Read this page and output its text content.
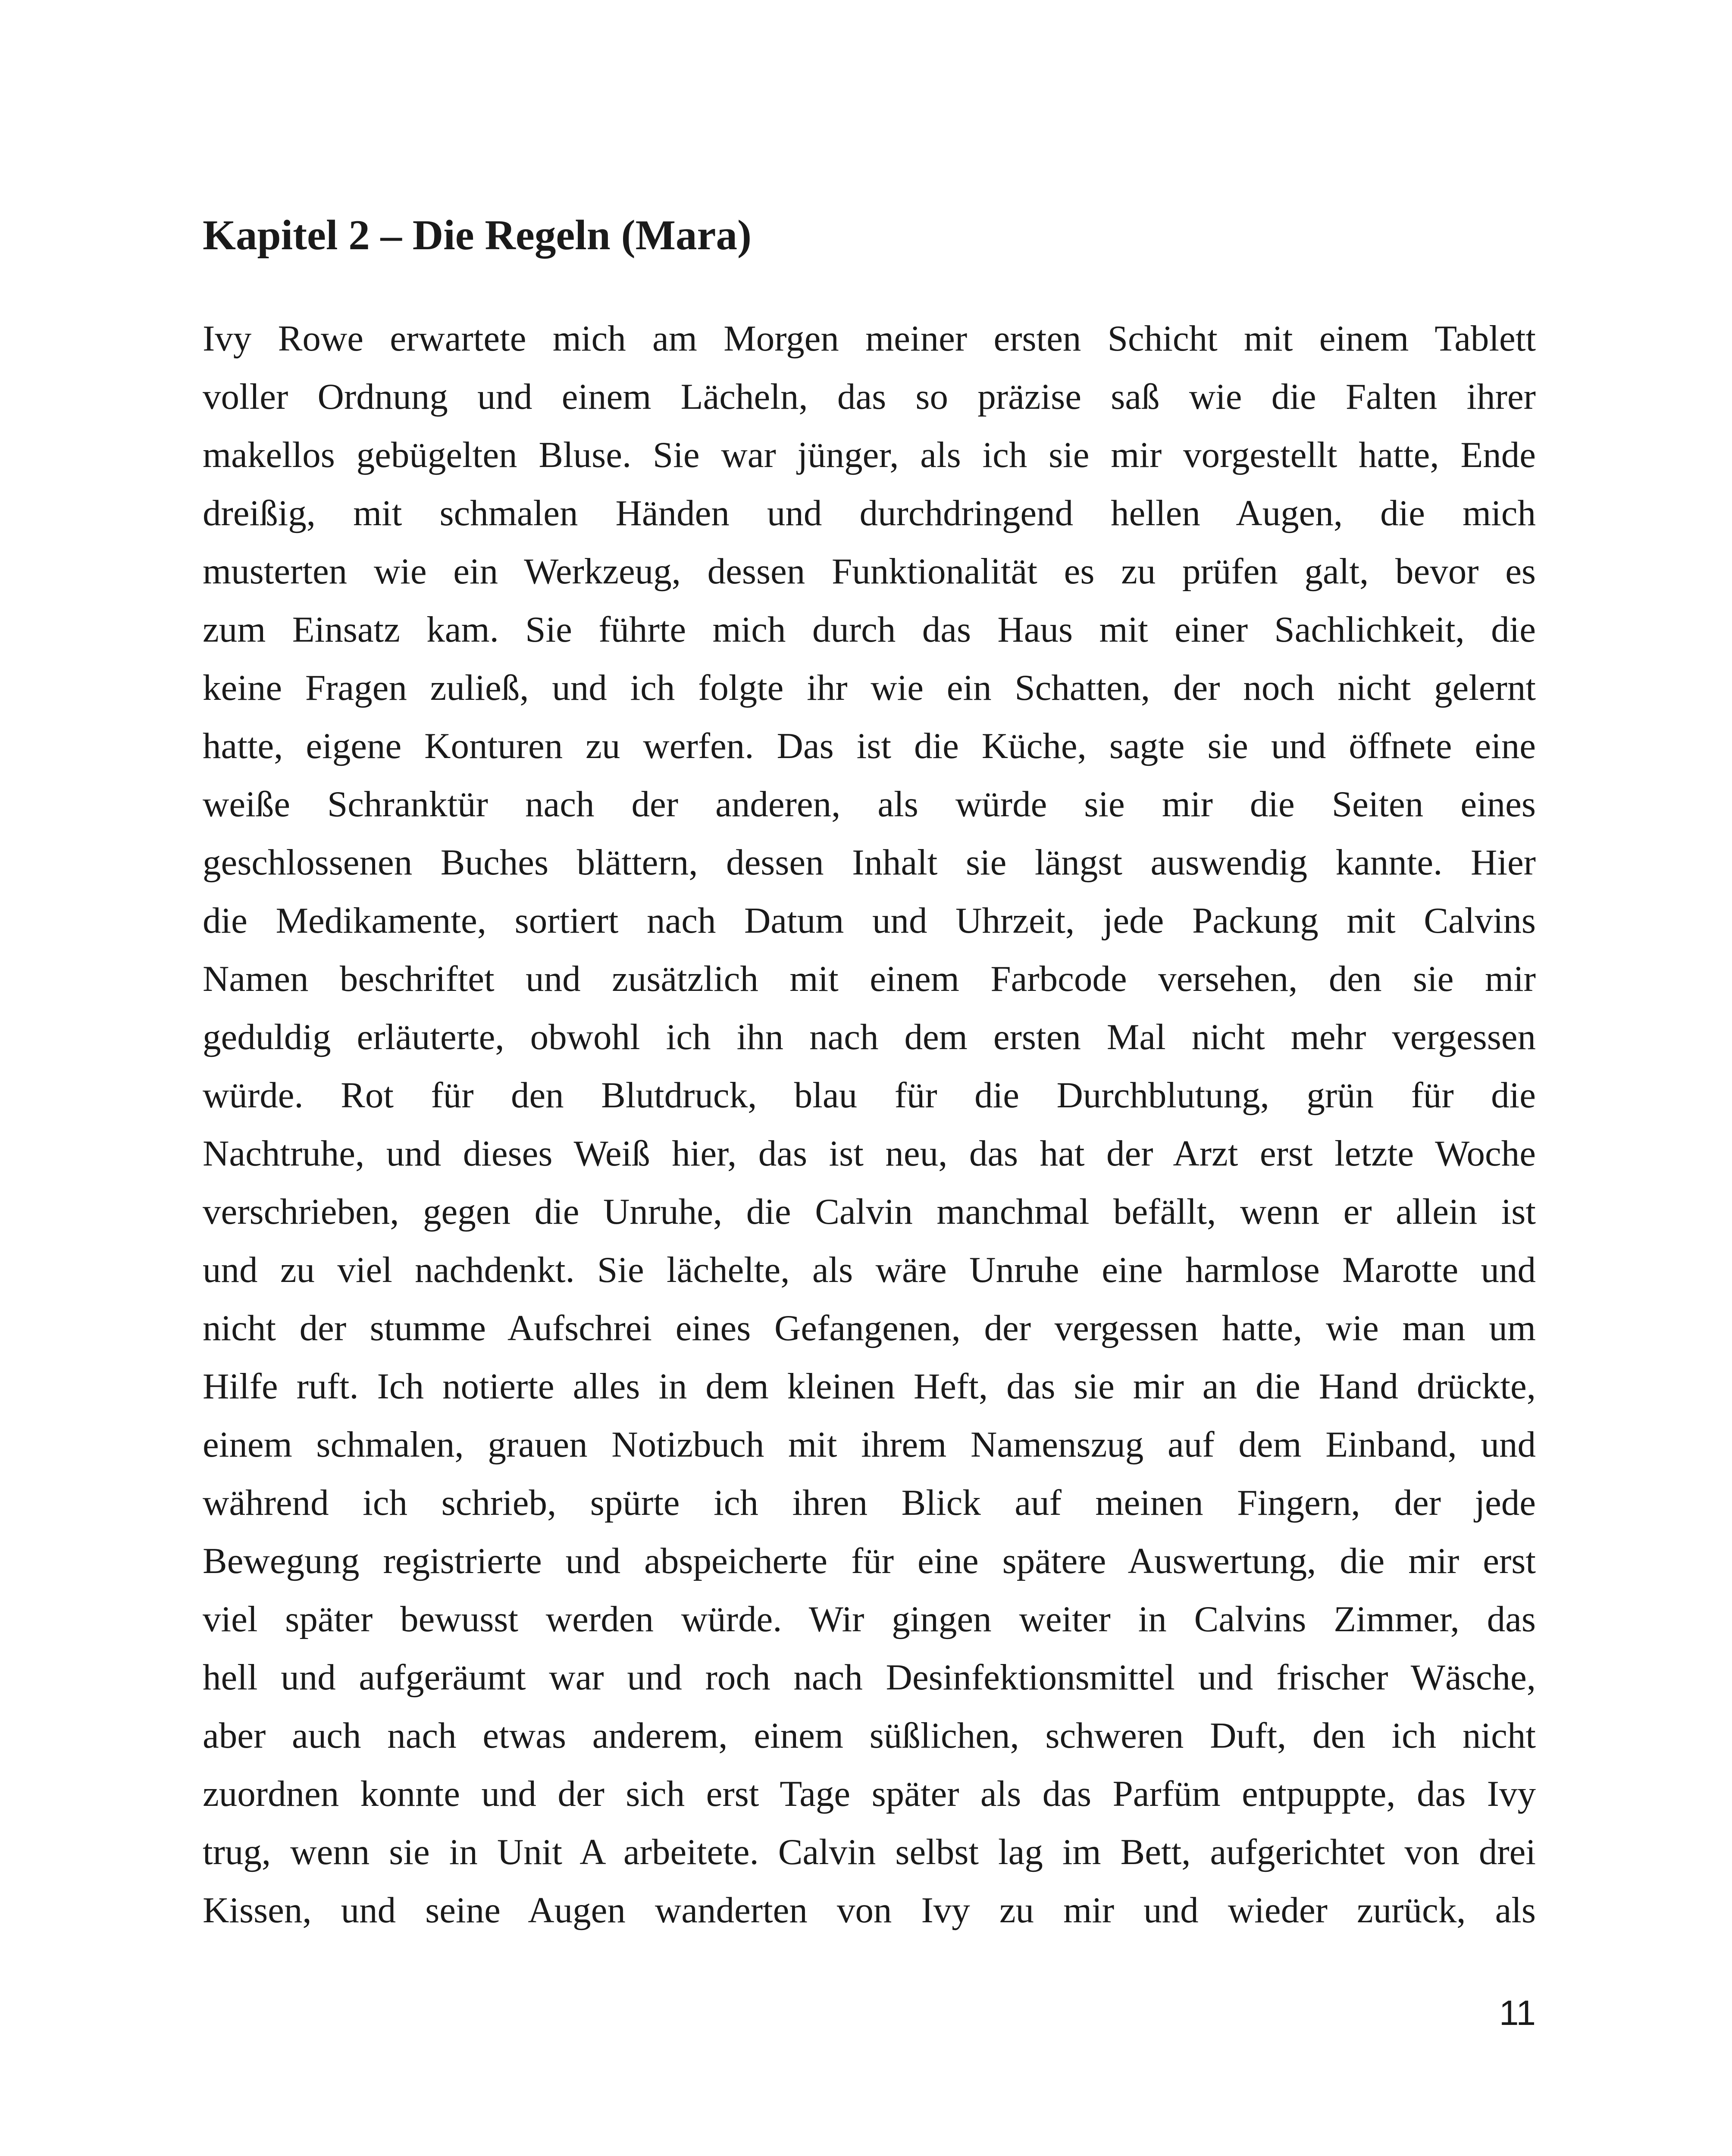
Kapitel 2 – Die Regeln (Mara)
Ivy Rowe erwartete mich am Morgen meiner ersten Schicht mit einem Tablett
voller Ordnung und einem Lächeln, das so präzise saß wie die Falten ihrer
makellos gebügelten Bluse. Sie war jünger, als ich sie mir vorgestellt hatte, Ende
dreißig, mit schmalen Händen und durchdringend hellen Augen, die mich
musterten wie ein Werkzeug, dessen Funktionalität es zu prüfen galt, bevor es
zum Einsatz kam. Sie führte mich durch das Haus mit einer Sachlichkeit, die
keine Fragen zuließ, und ich folgte ihr wie ein Schatten, der noch nicht gelernt
hatte, eigene Konturen zu werfen. Das ist die Küche, sagte sie und öffnete eine
weiße Schranktür nach der anderen, als würde sie mir die Seiten eines
geschlossenen Buches blättern, dessen Inhalt sie längst auswendig kannte. Hier
die Medikamente, sortiert nach Datum und Uhrzeit, jede Packung mit Calvins
Namen beschriftet und zusätzlich mit einem Farbcode versehen, den sie mir
geduldig erläuterte, obwohl ich ihn nach dem ersten Mal nicht mehr vergessen
würde. Rot für den Blutdruck, blau für die Durchblutung, grün für die
Nachtruhe, und dieses Weiß hier, das ist neu, das hat der Arzt erst letzte Woche
verschrieben, gegen die Unruhe, die Calvin manchmal befällt, wenn er allein ist
und zu viel nachdenkt. Sie lächelte, als wäre Unruhe eine harmlose Marotte und
nicht der stumme Aufschrei eines Gefangenen, der vergessen hatte, wie man um
Hilfe ruft. Ich notierte alles in dem kleinen Heft, das sie mir an die Hand drückte,
einem schmalen, grauen Notizbuch mit ihrem Namenszug auf dem Einband, und
während ich schrieb, spürte ich ihren Blick auf meinen Fingern, der jede
Bewegung registrierte und abspeicherte für eine spätere Auswertung, die mir erst
viel später bewusst werden würde. Wir gingen weiter in Calvins Zimmer, das
hell und aufgeräumt war und roch nach Desinfektionsmittel und frischer Wäsche,
aber auch nach etwas anderem, einem süßlichen, schweren Duft, den ich nicht
zuordnen konnte und der sich erst Tage später als das Parfüm entpuppte, das Ivy
trug, wenn sie in Unit A arbeitete. Calvin selbst lag im Bett, aufgerichtet von drei
Kissen, und seine Augen wanderten von Ivy zu mir und wieder zurück, als
11
